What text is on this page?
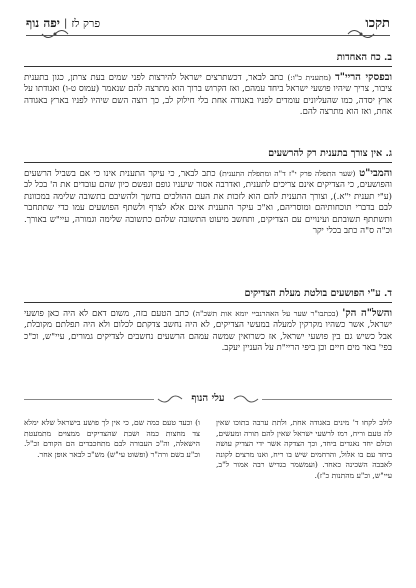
תקכו
פרק לז
|
יפה נוף
ב. כח האחדות
ובפסקי הריי"ד (מתענית כ"ו:) כתב לבאר, דכשתרצים ישראל להירצות לפני שמים בעת צרתן, כגון בתענית ציבור, צריך שיהיו פושעי ישראל ביחד עמהם, ואז הקרוש ברוך הוא מתרצה להם שנאמר (עמוס ט-ו) ואגודתו על ארץ יסדה, כמו שהעליונים עומדים לפניו באגודה אחת בלי חילוק לב, כך רוצה השם שיהיו לפניו בארץ באגודה אחת, ואז הוא מתרצה להם.
ג. אין צורך בתענית רק להרשעים
והמבי"ט (שער התפלה פרק י"ז ד"ה ומתפלת התענית) כתב לבאר, כי עיקר התענית אינו כי אם בשביל הרשעים והפושעים, כי הצדיקים אינם צריכים לתענית, ואדרבה אסור שיעניו גופם ונפשם כיון שהם עובדים את ה' בכל לב (ע"י תענית י"א.), וצורך התענית להם הוא לזכות את העם ההולכים בחשך ולהשיבם בתשובה שלימה במכוונת לבם בדברי תוכחותיהם ומוסריהם, וא"כ עיקר התענית אינם אלא לצרף ולשתף הפושעים עמו כדי שתתחבר ותשתתף תשובתם ועינויים עם הצדיקים, ותחשב מיעוט התשובה שלהם כתשובה שלימה וגמורה, עיי"ש באורך. וכ"ה ס"ה כתב בכלי יקר
ד. ע"י הפושעים בולטת מעלת הצדיקים
והשל"ה הק' (בכתבו"ר שער על האהרנביי יומא אות תשכ"ה) כתב הטעם בזה, משום דאם לא היה כאן פושעי ישראל, אשר כשהיו מקרקין למעלה במעשי הצדיקים, לא היה נחשב צדקתם לכלום ולא היה תפלתם מקובלת, אבל כשיש גם בין פושעי ישראל, אז כשרואין שמשה עמהם הרשעים נחשבים לצדיקים גמורים, עיי"ש, וכ"כ בפי' באר מים חיים וכן ביפי הריי"ת על העניין יעקב.
עלי הנוף
לולב לקחו ד' מינים באגודה אחת, ולתת ערבה בתוכו שאין לה טעם וריח, רמז לרשעי ישראל שאין להם תורה ומעשים, וכולם יחד נאגדים ביחד, וכך הצדקה אשר ידי הצדיק עושה ביחד עם בו אלול, והרחמים שיש בו ריח, ואנו מרצים לקונה לאבבה השכינה כאחד. (ועמשמר בגדיש רבה אמור ל"ב, עיי"ש, וכ"ע מהתנות כ"ז).
ו) וכעד טעם כמה שם, כי אין לך פושע בישראל שלא ימלא צד מחצות כמה ושבת שהצדיקים ממצוים מתמעטת הישאלה, וה"כ העבורה לבם מתחכבדים הם הקודם זכ"ל. וכ"ע בשם ורה"ר (ופשוט עי"ש) מש"כ לבאר אופן אחר.
